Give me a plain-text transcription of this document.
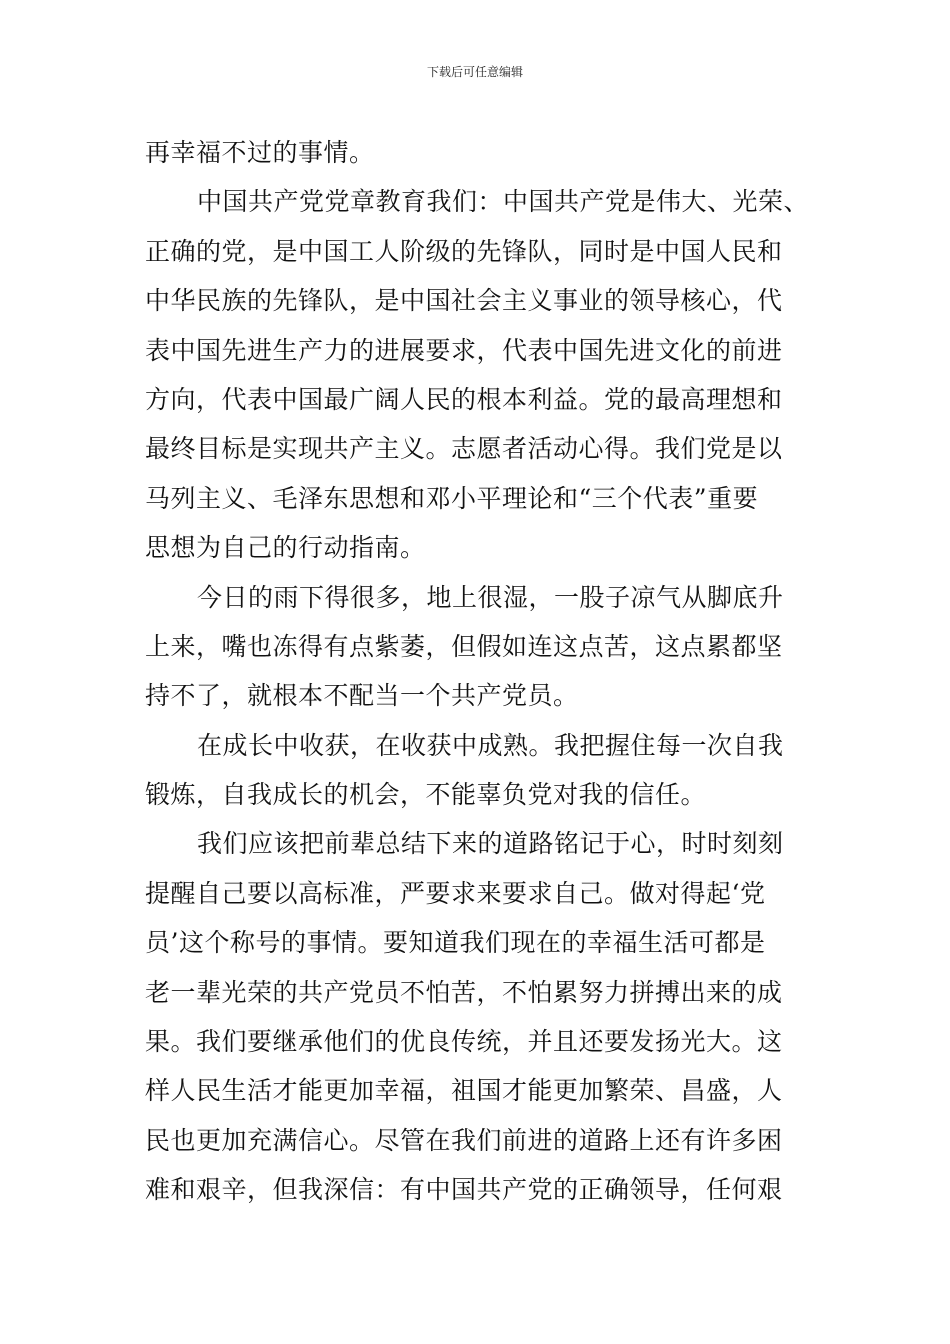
下载后可任意编辑

再幸福不过的事情。

中国共产党党章教育我们：中国共产党是伟大、光荣、
正确的党，是中国工人阶级的先锋队，同时是中国人民和
中华民族的先锋队，是中国社会主义事业的领导核心，代
表中国先进生产力的进展要求，代表中国先进文化的前进
方向，代表中国最广阔人民的根本利益。党的最高理想和
最终目标是实现共产主义。志愿者活动心得。我们党是以
马列主义、毛泽东思想和邓小平理论和“三个代表”重要
思想为自己的行动指南。

今日的雨下得很多，地上很湿，一股子凉气从脚底升
上来，嘴也冻得有点紫萎，但假如连这点苦，这点累都坚
持不了，就根本不配当一个共产党员。

在成长中收获，在收获中成熟。我把握住每一次自我
锻炼，自我成长的机会，不能辜负党对我的信任。

我们应该把前辈总结下来的道路铭记于心，时时刻刻
提醒自己要以高标准，严要求来要求自己。做对得起‘党
员’这个称号的事情。要知道我们现在的幸福生活可都是
老一辈光荣的共产党员不怕苦，不怕累努力拼搏出来的成
果。我们要继承他们的优良传统，并且还要发扬光大。这
样人民生活才能更加幸福，祖国才能更加繁荣、昌盛，人
民也更加充满信心。尽管在我们前进的道路上还有许多困
难和艰辛，但我深信：有中国共产党的正确领导，任何艰
